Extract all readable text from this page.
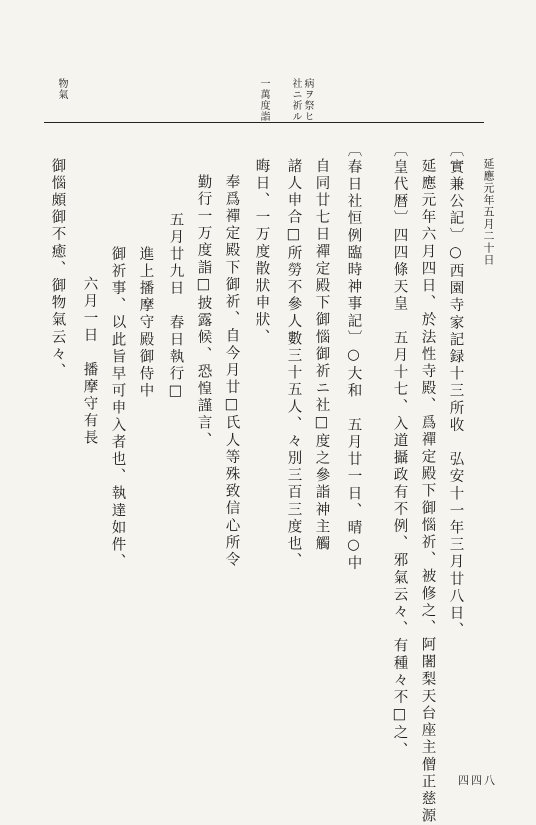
延應元年五月二十日
四四八
病ヲ祭ヒ
社ニ祈ル
一萬度詣
物氣
〔實兼公記〕○西園寺家記録十三所收　弘安十一年三月廿八日、
延應元年六月四日、於法性寺殿、爲禪定殿下御惱祈、被修之、阿闍梨天台座主僧正慈源
〔皇代暦〕四四條天皇　五月十七、入道攝政有不例、邪氣云々、有種々不□之、
〔春日社恒例臨時神事記〕○大和　五月廿一日、晴○中
自同廿七日禪定殿下御惱御祈ニ社□度之參詣神主觸
諸人申合□所勞不參人數三十五人、々別三百三度也、
晦日、一万度散狀申狀、
奉爲禪定殿下御祈、自今月廿□氏人等殊致信心所令
勤行一万度詣□披露候、恐惶謹言、
五月廿九日　春日執行□
進上播摩守殿御侍中
御祈事、以此旨早可申入者也、執達如件、
六月一日　播摩守有長
御惱頗御不癒、御物氣云々、
